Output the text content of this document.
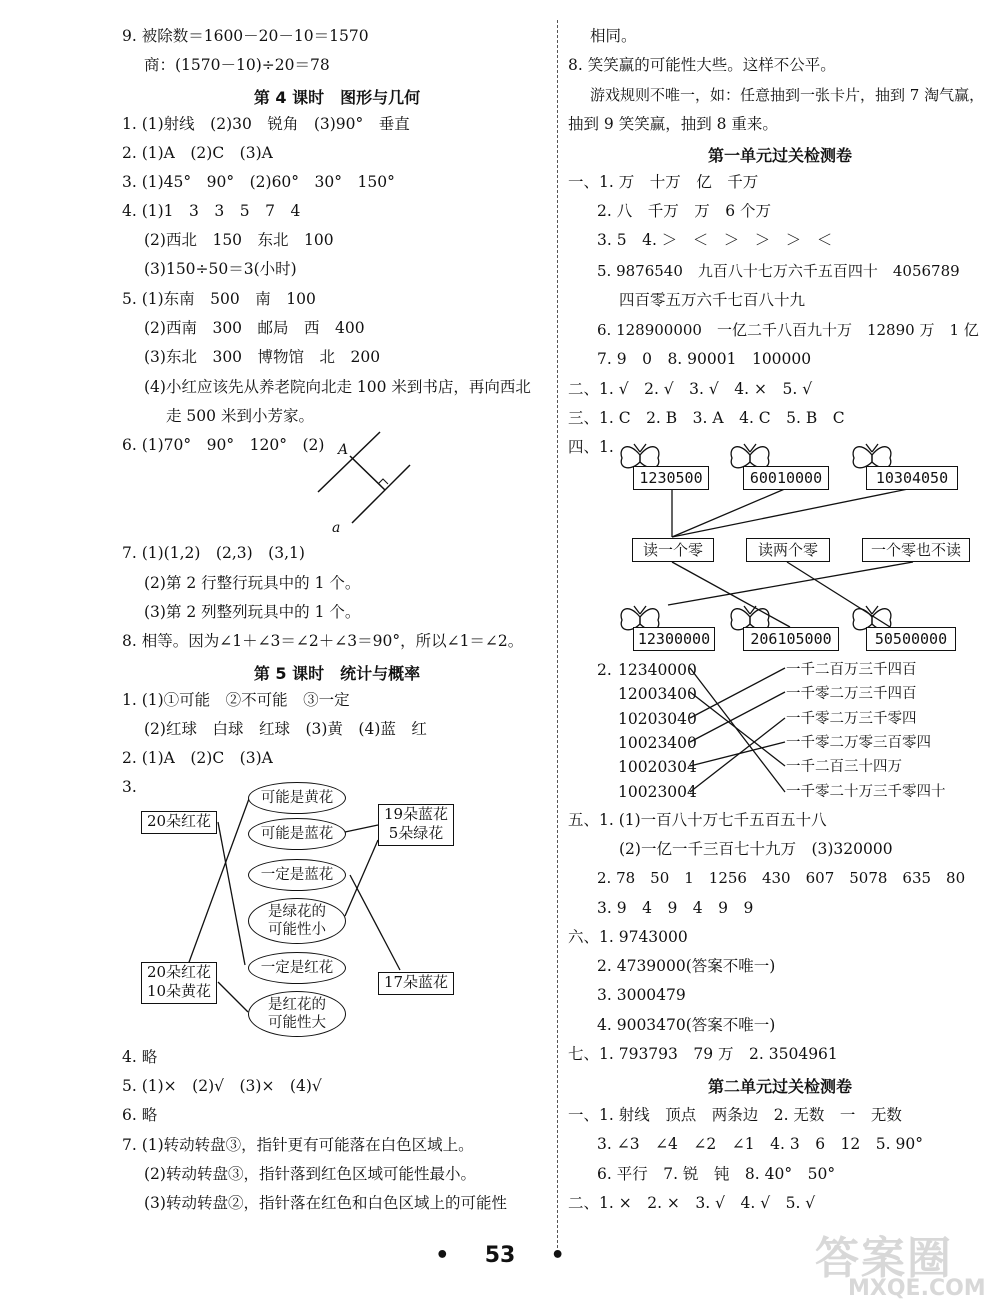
9. 被除数＝1600－20－10＝1570
商：(1570－10)÷20＝78
第 4 课时　图形与几何
1. (1)射线　(2)30　锐角　(3)90°　垂直
2. (1)A　(2)C　(3)A
3. (1)45°　90°　(2)60°　30°　150°
4. (1)1　3　3　5　7　4
(2)西北　150　东北　100
(3)150÷50＝3(小时)
5. (1)东南　500　南　100
(2)西南　300　邮局　西　400
(3)东北　300　博物馆　北　200
(4)小红应该先从养老院向北走 100 米到书店，再向西北
走 500 米到小芳家。
6. (1)70°　90°　120°　(2) A
a
7. (1)(1,2)　(2,3)　(3,1)
(2)第 2 行整行玩具中的 1 个。
(3)第 2 列整列玩具中的 1 个。
8. 相等。因为∠1＋∠3＝∠2＋∠3＝90°，所以∠1＝∠2。
第 5 课时　统计与概率
1. (1)①可能　②不可能　③一定
(2)红球　白球　红球　(3)黄　(4)蓝　红
2. (1)A　(2)C　(3)A
3.
20朵红花
20朵红花
10朵黄花
可能是黄花
可能是蓝花
一定是蓝花
是绿花的
可能性小
一定是红花
是红花的
可能性大
19朵蓝花
5朵绿花
17朵蓝花
4. 略
5. (1)×　(2)√　(3)×　(4)√
6. 略
7. (1)转动转盘③，指针更有可能落在白色区域上。
(2)转动转盘③，指针落到红色区域可能性最小。
(3)转动转盘②，指针落在红色和白色区域上的可能性
相同。
8. 笑笑赢的可能性大些。这样不公平。
游戏规则不唯一，如：任意抽到一张卡片，抽到 7 淘气赢，
抽到 9 笑笑赢，抽到 8 重来。
第一单元过关检测卷
一、1. 万　十万　亿　千万
2. 八　千万　万　6 个万
3. 5　4. ＞　＜　＞　＞　＞　＜
5. 9876540　九百八十七万六千五百四十　4056789
四百零五万六千七百八十九
6. 128900000　一亿二千八百九十万　12890 万　1 亿
7. 9　0　8. 90001　100000
二、1. √　2. √　3. √　4. ×　5. √
三、1. C　2. B　3. A　4. C　5. B　C
四、1.
1230500	60010000	10304050
读一个零	读两个零	一个零也不读
12300000	206105000	50500000
2. 12340000
12003400
10203040
10023400
10020304
10023004
一千二百万三千四百
一千零二万三千四百
一千零二万三千零四
一千零二万零三百零四
一千二百三十四万
一千零二十万三千零四十
五、1. (1)一百八十万七千五百五十八
(2)一亿一千三百七十九万　(3)320000
2. 78　50　1　1256　430　607　5078　635　80
3. 9　4　9　4　9　9
六、1. 9743000
2. 4739000(答案不唯一)
3. 3000479
4. 9003470(答案不唯一)
七、1. 793793　79 万　2. 3504961
第二单元过关检测卷
一、1. 射线　顶点　两条边　2. 无数　一　无数
3. ∠3　∠4　∠2　∠1　4. 3　6　12　5. 90°
6. 平行　7. 锐　钝　8. 40°　50°
二、1. ×　2. ×　3. √　4. √　5. √
答案圈
MXQE.COM
• 53 •
